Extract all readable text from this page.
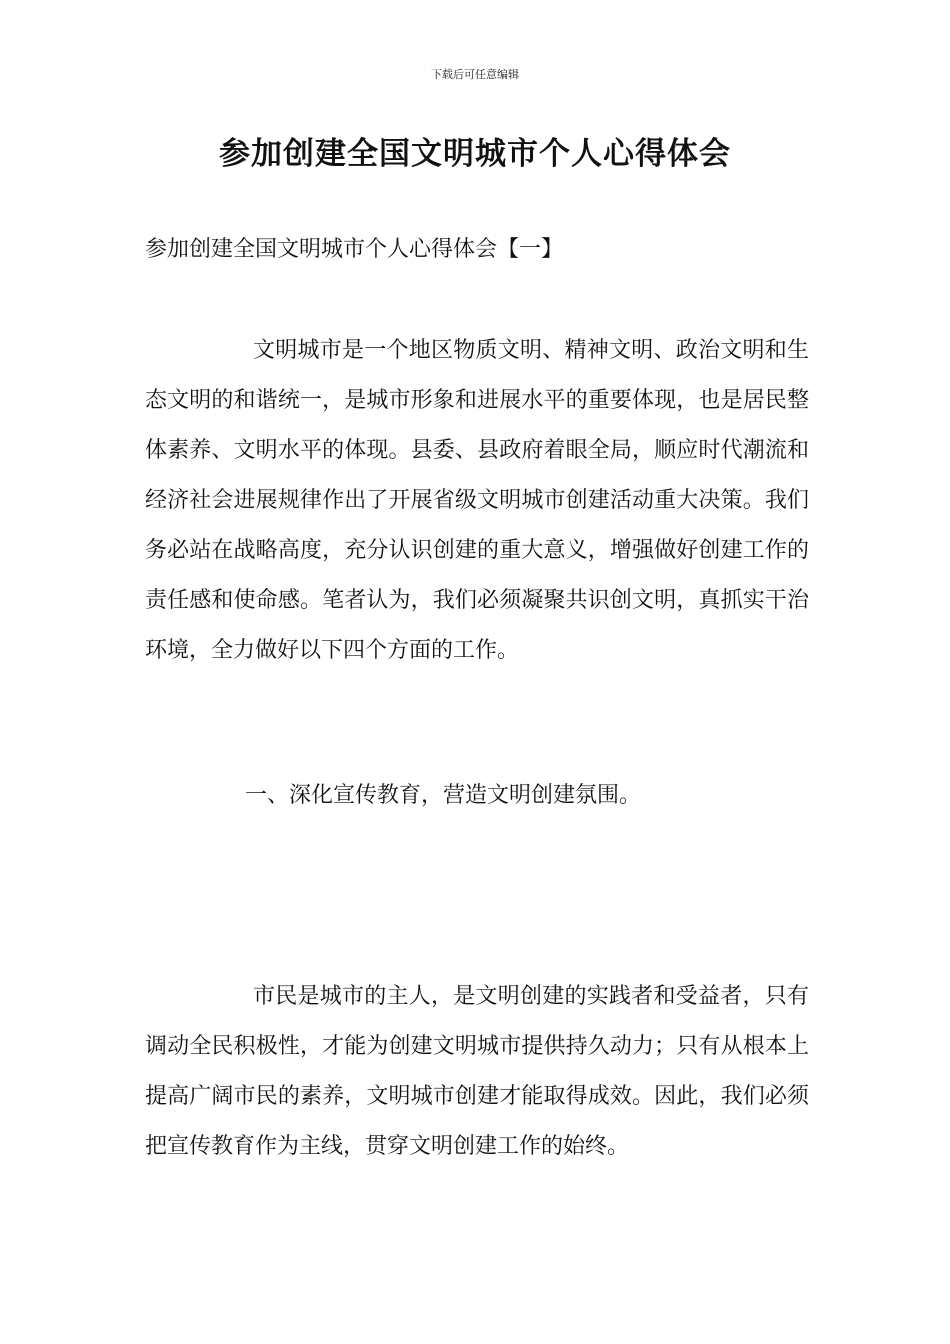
下载后可任意编辑
参加创建全国文明城市个人心得体会
参加创建全国文明城市个人心得体会【一】

文明城市是一个地区物质文明、精神文明、政治文明和生态文明的和谐统一，是城市形象和进展水平的重要体现，也是居民整体素养、文明水平的体现。县委、县政府着眼全局，顺应时代潮流和经济社会进展规律作出了开展省级文明城市创建活动重大决策。我们务必站在战略高度，充分认识创建的重大意义，增强做好创建工作的责任感和使命感。笔者认为，我们必须凝聚共识创文明，真抓实干治环境，全力做好以下四个方面的工作。

一、深化宣传教育，营造文明创建氛围。

市民是城市的主人，是文明创建的实践者和受益者，只有调动全民积极性，才能为创建文明城市提供持久动力；只有从根本上提高广阔市民的素养，文明城市创建才能取得成效。因此，我们必须把宣传教育作为主线，贯穿文明创建工作的始终。
